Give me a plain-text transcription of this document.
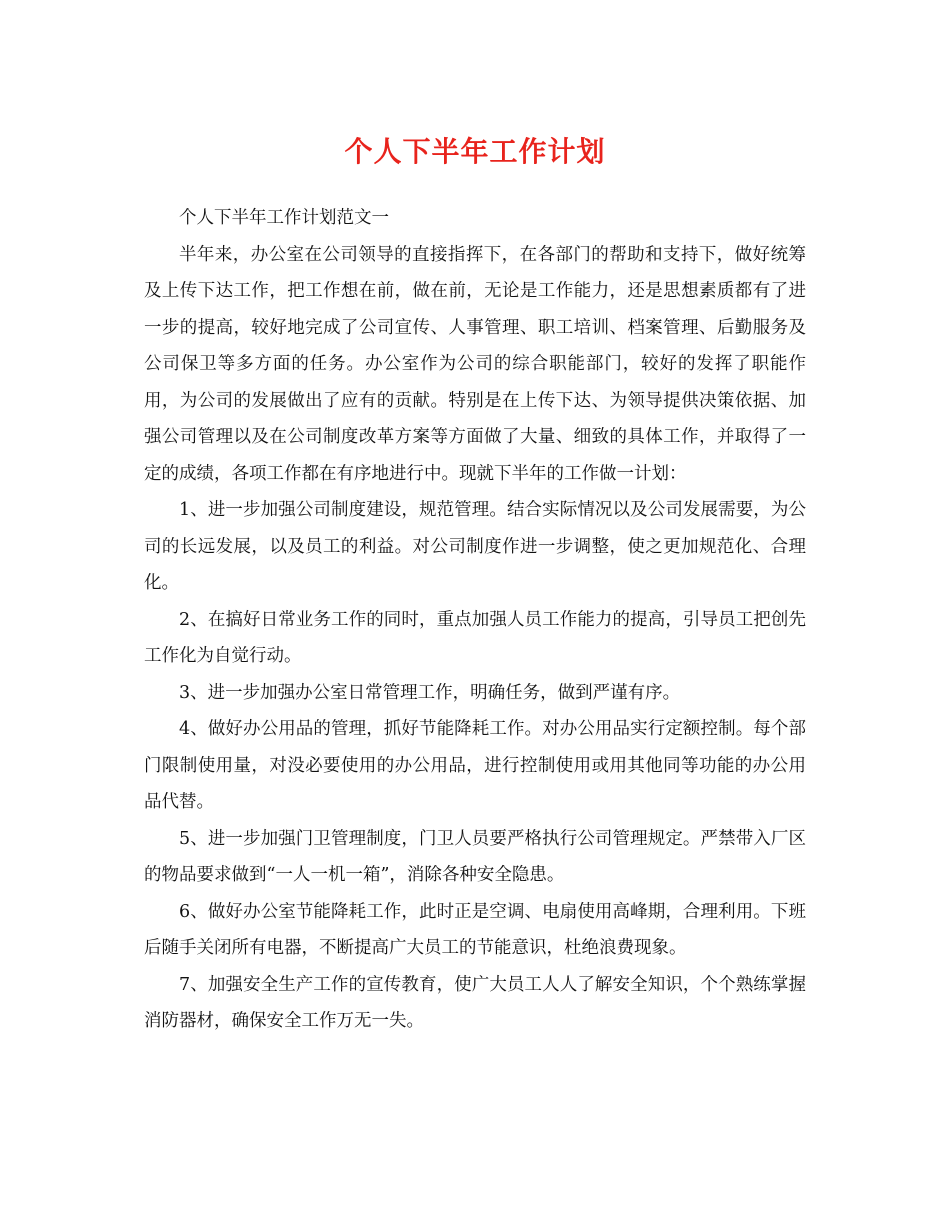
个人下半年工作计划

个人下半年工作计划范文一

半年来，办公室在公司领导的直接指挥下，在各部门的帮助和支持下，做好统筹及上传下达工作，把工作想在前，做在前，无论是工作能力，还是思想素质都有了进一步的提高，较好地完成了公司宣传、人事管理、职工培训、档案管理、后勤服务及公司保卫等多方面的任务。办公室作为公司的综合职能部门，较好的发挥了职能作用，为公司的发展做出了应有的贡献。特别是在上传下达、为领导提供决策依据、加强公司管理以及在公司制度改革方案等方面做了大量、细致的具体工作，并取得了一定的成绩，各项工作都在有序地进行中。现就下半年的工作做一计划：

1、进一步加强公司制度建设，规范管理。结合实际情况以及公司发展需要，为公司的长远发展，以及员工的利益。对公司制度作进一步调整，使之更加规范化、合理化。

2、在搞好日常业务工作的同时，重点加强人员工作能力的提高，引导员工把创先工作化为自觉行动。

3、进一步加强办公室日常管理工作，明确任务，做到严谨有序。

4、做好办公用品的管理，抓好节能降耗工作。对办公用品实行定额控制。每个部门限制使用量，对没必要使用的办公用品，进行控制使用或用其他同等功能的办公用品代替。

5、进一步加强门卫管理制度，门卫人员要严格执行公司管理规定。严禁带入厂区的物品要求做到“一人一机一箱”，消除各种安全隐患。

6、做好办公室节能降耗工作，此时正是空调、电扇使用高峰期，合理利用。下班后随手关闭所有电器，不断提高广大员工的节能意识，杜绝浪费现象。

7、加强安全生产工作的宣传教育，使广大员工人人了解安全知识，个个熟练掌握消防器材，确保安全工作万无一失。
